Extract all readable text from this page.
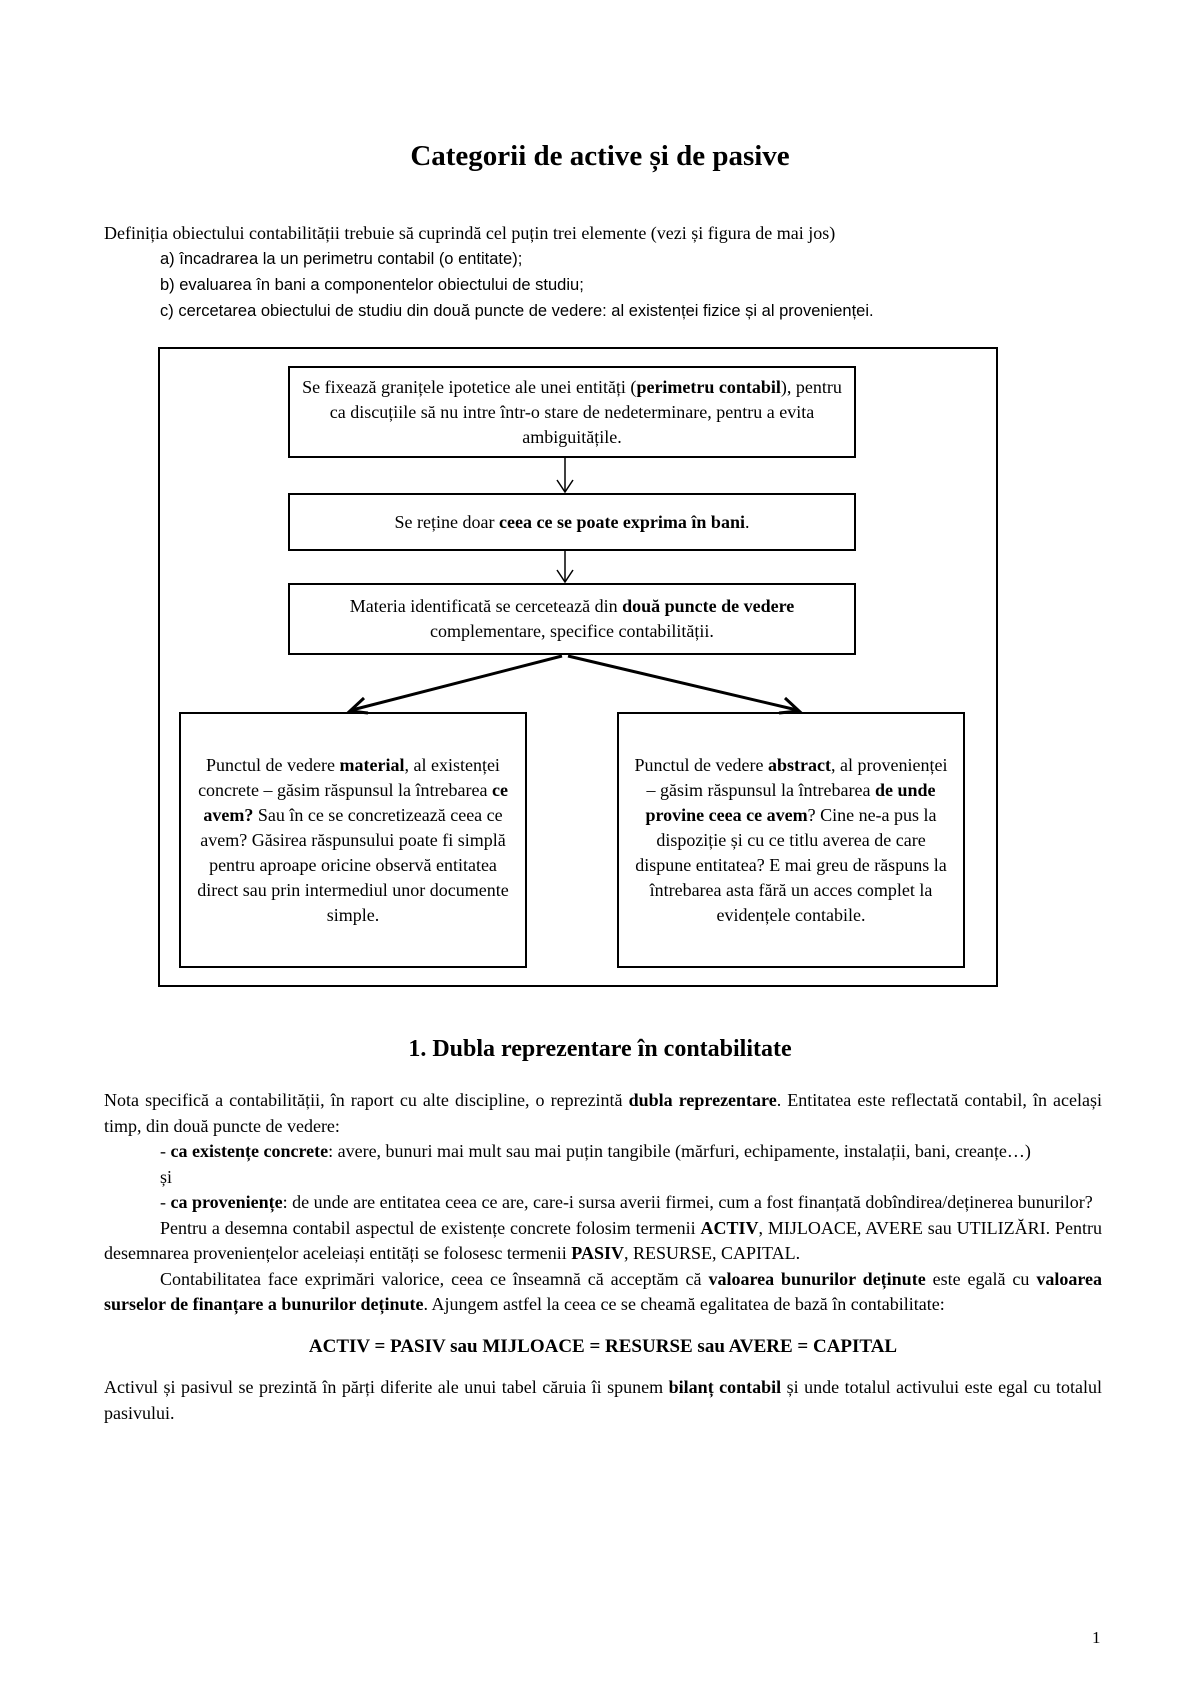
Categorii de active și de pasive

Definiția obiectului contabilității trebuie să cuprindă cel puțin trei elemente (vezi și figura de mai jos)

a) încadrarea la un perimetru contabil (o entitate);

b) evaluarea în bani a componentelor obiectului de studiu;

c) cercetarea obiectului de studiu din două puncte de vedere: al existenței fizice și al provenienței.

Se fixează granițele ipotetice ale unei entități (perimetru contabil), pentru ca discuțiile să nu intre într-o stare de nedeterminare, pentru a evita ambiguitățile.
Se reține doar ceea ce se poate exprima în bani.
Materia identificată se cercetează din două puncte de vedere complementare, specifice contabilității.
Punctul de vedere material, al existenței concrete – găsim răspunsul la întrebarea ce avem? Sau în ce se concretizează ceea ce avem? Găsirea răspunsului poate fi simplă pentru aproape oricine observă entitatea direct sau prin intermediul unor documente simple.
Punctul de vedere abstract, al provenienței – găsim răspunsul la întrebarea de unde provine ceea ce avem? Cine ne-a pus la dispoziție și cu ce titlu averea de care dispune entitatea? E mai greu de răspuns la întrebarea asta fără un acces complet la evidențele contabile.
1. Dubla reprezentare în contabilitate

Nota specifică a contabilității, în raport cu alte discipline, o reprezintă dubla reprezentare. Entitatea este reflectată contabil, în același timp, din două puncte de vedere:

- ca existențe concrete: avere, bunuri mai mult sau mai puțin tangibile (mărfuri, echipamente, instalații, bani, creanțe…)

și

- ca proveniențe: de unde are entitatea ceea ce are, care-i sursa averii firmei, cum a fost finanțată dobîndirea/deținerea bunurilor?

Pentru a desemna contabil aspectul de existențe concrete folosim termenii ACTIV, MIJLOACE, AVERE sau UTILIZĂRI. Pentru desemnarea proveniențelor aceleiași entități se folosesc termenii PASIV, RESURSE, CAPITAL.

Contabilitatea face exprimări valorice, ceea ce înseamnă că acceptăm că valoarea bunurilor deținute este egală cu valoarea surselor de finanțare a bunurilor deținute. Ajungem astfel la ceea ce se cheamă egalitatea de bază în contabilitate:

ACTIV = PASIV sau MIJLOACE = RESURSE sau AVERE = CAPITAL

Activul și pasivul se prezintă în părți diferite ale unui tabel căruia îi spunem bilanț contabil și unde totalul activului este egal cu totalul pasivului.

1
